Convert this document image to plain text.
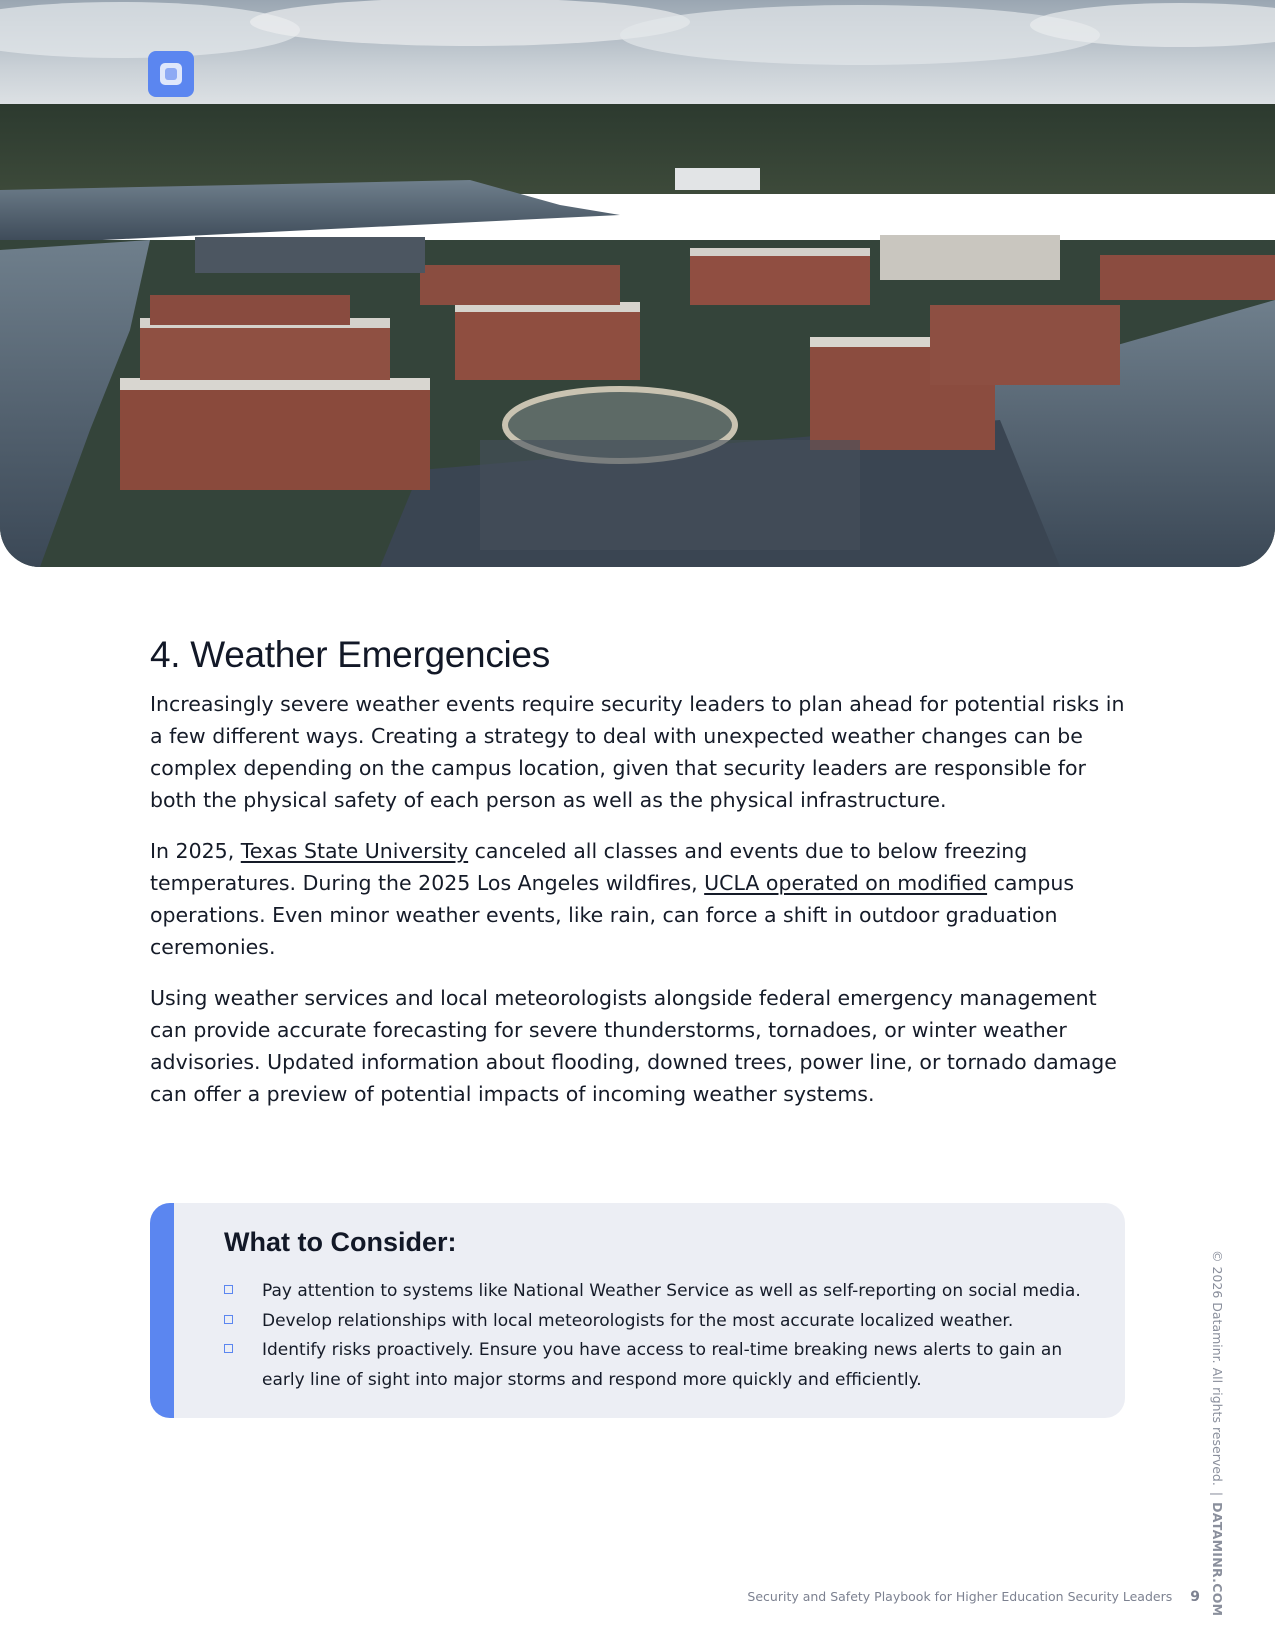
4. Weather Emergencies

Increasingly severe weather events require security leaders to plan ahead for potential risks in a few different ways. Creating a strategy to deal with unexpected weather changes can be complex depending on the campus location, given that security leaders are responsible for both the physical safety of each person as well as the physical infrastructure.

In 2025, Texas State University canceled all classes and events due to below freezing temperatures. During the 2025 Los Angeles wildfires, UCLA operated on modified campus operations. Even minor weather events, like rain, can force a shift in outdoor graduation ceremonies.

Using weather services and local meteorologists alongside federal emergency management can provide accurate forecasting for severe thunderstorms, tornadoes, or winter weather advisories. Updated information about flooding, downed trees, power line, or tornado damage can offer a preview of potential impacts of incoming weather systems.

What to Consider:
Pay attention to systems like National Weather Service as well as self-reporting on social media.
Develop relationships with local meteorologists for the most accurate localized weather.
Identify risks proactively. Ensure you have access to real-time breaking news alerts to gain an early line of sight into major storms and respond more quickly and efficiently.	© 2026 Dataminr. All rights reserved.|DATAMINR.COM
Security and Safety Playbook for Higher Education Security Leaders 9
